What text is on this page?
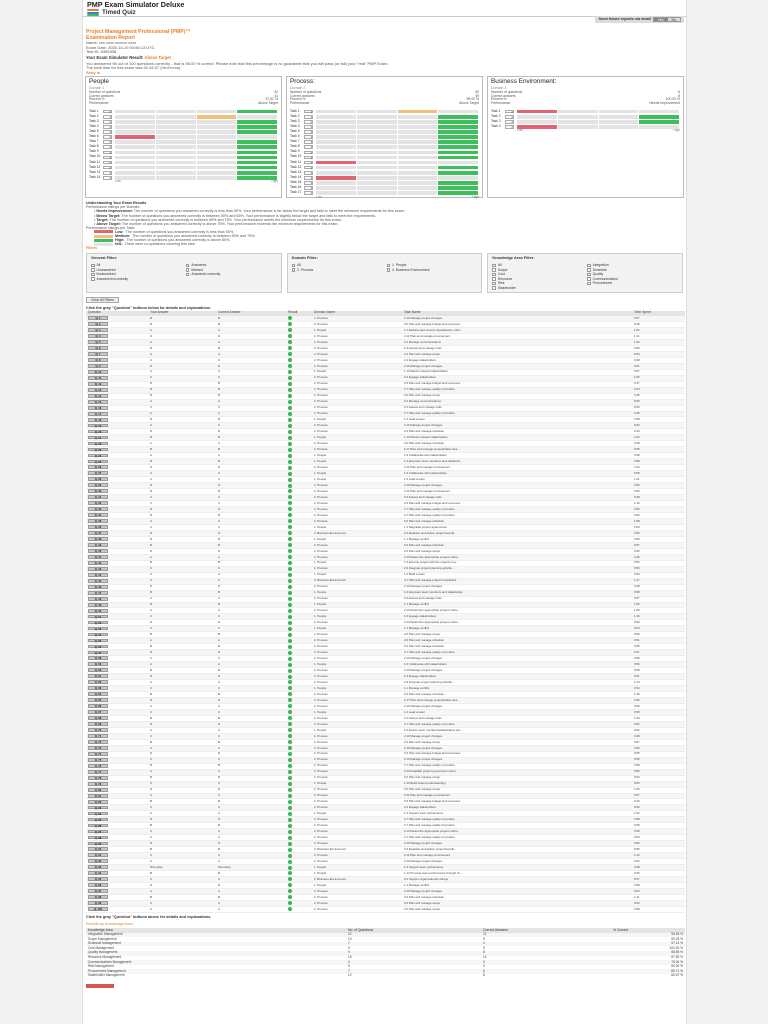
PMP Exam Simulator Deluxe
Timed Quiz
Send future reports via email	Yes	No
Project Management Professional (PMP)™
Examination Report
Name: xxx xxxx xxxxxx xxxx
Exam Date: 2020-10-19 04:56:13 UTC
Test ID: 5359308
Your Exam Simulator Result: Above Target
You answered 98 out of 100 questions correctly - that is 98.00 % correct. Please note that this percentage is no guarantee that you will pass (or fail) your "real" PMP Exam.
The total time for this exam was 01:34:07 (hh:mm:ss).
Retry In
People
Domain 1
Number of questions	42
Correct answers	41
Percent %	97.62 %
Performance	Above Target
Task 1	3
Task 2	4
Task 3	3
Task 4	2
Task 5	3
Task 6	3
Task 7	3
Task 8	3
Task 9	3
Task 10	3
Task 11	3
Task 12	3
Task 13	3
Task 14	3
Low	High
Process:
Domain 2
Number of questions	50
Correct answers	49
Percent %	98.00 %
Performance	Above Target
Task 1	3
Task 2	4
Task 3	2
Task 4	3
Task 5	3
Task 6	3
Task 7	3
Task 8	3
Task 9	3
Task 10	3
Task 11	3
Task 12	3
Task 13	3
Task 14	3
Task 15	3
Task 16	3
Task 17	2
Low	High
Business Environment:
Domain 3
Number of questions	8
Correct answers	8
Percent %	100.00 %
Performance	Needs Improvement
Task 1	2
Task 2	2
Task 3	2
Task 4	2
Low	High
Understanding Your Exam Results
Performance ratings per Domain:
• Needs Improvement: The number of questions you answered correctly is less than 50%. Your performance is far below the target and fails to meet the minimum requirements for this exam.
• Below Target: The number of questions you answered correctly is between 50% and 65%. Your performance is slightly below the target and fails to meet the requirements.
• Target: The number of questions you answered correctly is between 65% and 75%. Your performance meets the minimum requirements for this exam.
• Above Target: The number of questions you answered correctly is above 75%. Your performance exceeds the minimum requirements for this exam.
Performance ratings per Task:
Low: The number of questions you answered correctly is less than 50%.
Medium: The number of questions you answered correctly is between 50% and 75%.
High: The number of questions you answered correctly is above 80%.
N/A: There were no questions covering this task.
Filters
General Filter:
✓ All	Answered
Unanswered	Marked
Bookmarked	Answered correctly
Answered incorrectly
Domain Filter:
✓ All	1. People
2. Process	3. Business Environment
Knowledge Area Filter:
✓ All	Integration
Scope	Schedule
Cost	Quality
Resource	Communications
Risk	Procurement
Stakeholder
Clear All Filters
Click the gray "Question" buttons below for details and explanations.
Question	Your Answer	Correct Answer	Result	Domain Name	Task Name	Time Spent
Q. 1	B	B		2. Process	2.10 Manage project changes	0:57
Q. 2	B	B		2. Process	2.5 Plan and manage budget and resources	0:48
Q. 3	C	C		1. People	1.7 Address and remove impediments, obst...	1:02
Q. 4	D	D		2. Process	2.11 Plan and manage procurement	1:11
Q. 5	A	A		2. Process	2.2 Manage communications	1:00
Q. 6	B	B		2. Process	2.3 Assess and manage risks	0:59
Q. 7	A	A		2. Process	2.6 Plan and manage scope	0:54
Q. 8	C	C		2. Process	2.4 Engage stakeholders	0:48
Q. 9	D	D		2. Process	2.10 Manage project changes	0:51
Q. 10	A	A		1. People	1.13 Mentor relevant stakeholders	0:57
Q. 11	C	C		2. Process	2.4 Engage stakeholders	1:06
Q. 12	D	D		2. Process	2.5 Plan and manage budget and resources	0:47
Q. 13	B	B		2. Process	2.7 Plan and manage quality of product...	0:44
Q. 14	B	B		2. Process	2.6 Plan and manage scope	0:45
Q. 15	A	A		2. Process	2.2 Manage communications	0:50
Q. 16	C	C		2. Process	2.3 Assess and manage risks	0:53
Q. 17	A	A		2. Process	2.7 Plan and manage quality of product...	0:46
Q. 18	B	B		1. People	1.2 Lead a team	0:58
Q. 19	C	C		2. Process	2.10 Manage project changes	0:52
Q. 20	D	D		2. Process	2.6 Plan and manage schedule	0:43
Q. 21	B	B		1. People	1.13 Mentor relevant stakeholders	1:03
Q. 22	C	C		2. Process	2.6 Plan and manage schedule	0:48
Q. 23	B	B		2. Process	2.17 Plan and manage project/phase clos...	0:55
Q. 24	A	A		1. People	1.9 Collaborate with stakeholders	0:58
Q. 25	B	B		1. People	1.4 Empower team members and stakehold...	0:58
Q. 26	D	D		2. Process	2.11 Plan and manage procurement	1:03
Q. 27	C	C		1. People	1.9 Collaborate with stakeholders	0:58
Q. 28	A	A		1. People	1.2 Lead a team	1:01
Q. 29	D	D		2. Process	2.10 Manage project changes	0:56
Q. 30	B	B		2. Process	2.11 Plan and manage procurement	0:50
Q. 31	A	A		2. Process	2.3 Assess and manage risks	0:48
Q. 32	C	C		2. Process	2.5 Plan and manage budget and resources	1:16
Q. 33	D	D		2. Process	2.7 Plan and manage quality of product...	0:56
Q. 34	B	B		2. Process	2.7 Plan and manage quality of product...	0:52
Q. 35	C	C		2. Process	2.6 Plan and manage schedule	1:08
Q. 36	A	A		1. People	1.4 Negotiate project agreements	0:53
Q. 37	D	D		3. Business Environment	3.3 Evaluate and deliver project benefit...	0:56
Q. 38	B	B		1. People	1.1 Manage conflict	0:55
Q. 39	B	B		2. Process	2.6 Plan and manage schedule	0:57
Q. 40	D	D		2. Process	2.6 Plan and manage scope	0:55
Q. 41	A	A		2. Process	2.13 Determine appropriate project metho...	0:46
Q. 42	B	B		1. People	1.3 Execute project with the urgency req...	0:52
Q. 43	C	C		2. Process	2.9 Integrate project planning activitie...	0:53
Q. 44	A	A		1. People	1.2 Build a team	0:53
Q. 45	C	C		3. Business Environment	3.1 Plan and manage project compliance	1:17
Q. 46	D	D		2. Process	2.10 Manage project changes	0:48
Q. 47	B	B		1. People	1.4 Empower team members and stakeholder...	0:58
Q. 48	C	C		2. Process	2.3 Assess and manage risks	0:57
Q. 49	B	B		1. People	1.1 Manage conflict	1:00
Q. 50	A	A		2. Process	2.13 Determine appropriate project metho...	1:06
Q. 51	C	C		1. People	1.9 Engage stakeholders	1:10
Q. 52	D	D		2. Process	2.13 Determine appropriate project metho...	0:59
Q. 53	C	C		1. People	1.1 Manage conflict	0:54
Q. 54	B	B		2. Process	2.6 Plan and manage scope	0:56
Q. 55	A	A		2. Process	2.6 Plan and manage schedule	0:51
Q. 56	B	B		2. Process	2.6 Plan and manage schedule	0:55
Q. 57	D	D		2. Process	2.7 Plan and manage quality of product...	0:47
Q. 58	C	C		2. Process	2.10 Manage project changes	0:58
Q. 59	A	A		1. People	1.9 Collaborate with stakeholders	0:56
Q. 60	B	B		2. Process	2.10 Manage project changes	0:58
Q. 61	D	D		2. Process	2.4 Engage stakeholders	0:51
Q. 62	A	A		2. Process	2.9 Integrate project planning activitie...	1:14
Q. 63	C	C		1. People	1.1 Manage conflict	0:54
Q. 64	B	B		2. Process	2.6 Plan and manage schedule	1:16
Q. 65	D	D		2. Process	2.17 Plan and manage project/phase clos...	0:56
Q. 66	A	A		2. Process	2.10 Manage project changes	0:59
Q. 67	C	C		1. People	1.2 Lead a team	0:58
Q. 68	B	B		2. Process	2.3 Assess and manage risks	1:00
Q. 69	D	D		2. Process	2.7 Plan and manage quality of product...	0:52
Q. 70	A	A		1. People	1.6 Ensure team members/stakeholders are...	0:52
Q. 71	C	C		2. Process	2.10 Manage project changes	0:48
Q. 72	B	B		2. Process	2.6 Plan and manage scope	0:57
Q. 73	A	A		2. Process	2.10 Manage project changes	0:55
Q. 74	D	D		2. Process	2.5 Plan and manage budget and resources	0:55
Q. 75	C	C		2. Process	2.10 Manage project changes	0:55
Q. 76	B	B		2. Process	2.7 Plan and manage quality of product...	0:58
Q. 77	A	A		2. Process	2.12 Establish project governance struct...	0:56
Q. 78	B	B		2. Process	2.6 Plan and manage scope	0:52
Q. 79	C	C		1. People	1.10 Build shared understanding	0:55
Q. 80	D	D		2. Process	2.6 Plan and manage scope	1:00
Q. 81	A	A		2. Process	2.11 Plan and manage procurement	0:57
Q. 82	B	B		2. Process	2.5 Plan and manage budget and resources	0:49
Q. 83	C	C		2. Process	2.4 Engage stakeholders	0:50
Q. 84	A	A		1. People	1.4 Support team performance	1:02
Q. 85	D	D		2. Process	2.7 Plan and manage quality of product...	0:58
Q. 86	B	B		2. Process	2.7 Plan and manage quality of product...	0:59
Q. 87	C	C		2. Process	2.13 Determine appropriate project metho...	0:56
Q. 88	A	A		2. Process	2.7 Plan and manage quality of product...	0:53
Q. 89	D	D		2. Process	2.10 Manage project changes	0:56
Q. 90	B	B		3. Business Environment	3.3 Evaluate and deliver project benefit...	0:56
Q. 91	C	C		2. Process	2.11 Plan and manage procurement	1:13
Q. 92	A	A		2. Process	2.10 Manage project changes	0:52
Q. 93	N/A (skip)	N/A (skip)		1. People	1.4 Support team performance	0:38
Q. 94	B	B		1. People	1.14 Promote team performance through th...	0:45
Q. 95	C	C		3. Business Environment	3.4 Support organizational change	0:57
Q. 96	D	D		1. People	1.1 Manage conflict	0:58
Q. 97	A	A		2. Process	2.10 Manage project changes	0:53
Q. 98	B	B		2. Process	2.6 Plan and manage schedule	1:11
Q. 99	C	C		2. Process	2.6 Plan and manage scope	0:53
Q. 100	A	A		2. Process	2.6 Plan and manage scope	0:58
Click the gray "Question" buttons above for details and explanations.
Results by Knowledge Area:
Knowledge Area	No. of Questions	Correct Answers	% Correct
Integration Management	22	21	95.45 %
Scope Management	13	9	69.23 %
Schedule Management	7	4	57.14 %
Cost Management	5	5	100.00 %
Quality Management	9	8	88.89 %
Resource Management	16	14	87.50 %
Communications Management	4	3	75.00 %
Risk Management	5	4	80.00 %
Procurement Management	7	6	85.71 %
Stakeholder Management	12	8	66.67 %
